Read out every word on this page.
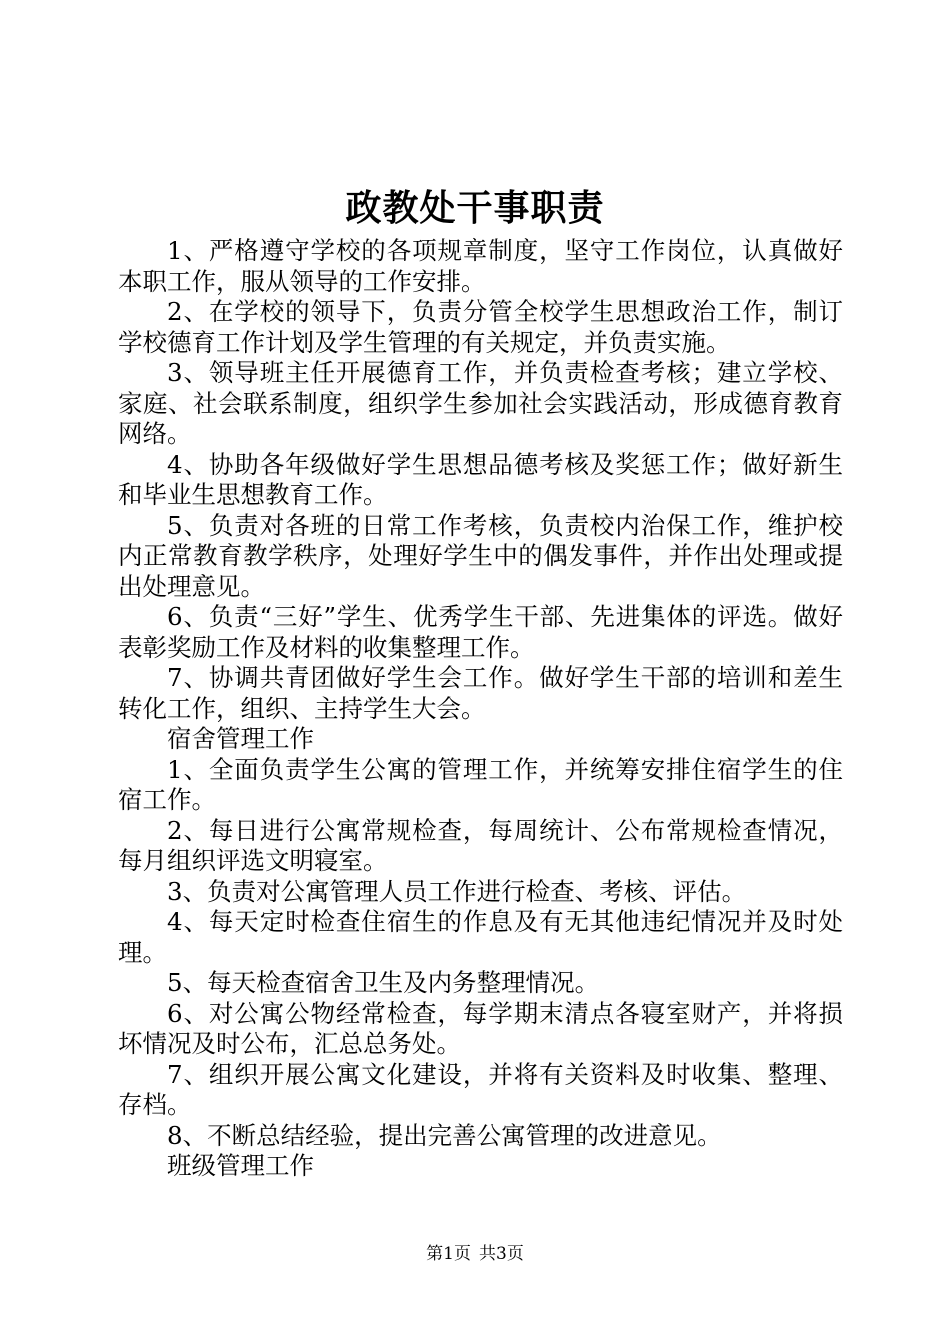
政教处干事职责

1、严格遵守学校的各项规章制度，坚守工作岗位，认真做好本职工作，服从领导的工作安排。

2、在学校的领导下，负责分管全校学生思想政治工作，制订学校德育工作计划及学生管理的有关规定，并负责实施。

3、领导班主任开展德育工作，并负责检查考核；建立学校、家庭、社会联系制度，组织学生参加社会实践活动，形成德育教育网络。

4、协助各年级做好学生思想品德考核及奖惩工作；做好新生和毕业生思想教育工作。

5、负责对各班的日常工作考核，负责校内治保工作，维护校内正常教育教学秩序，处理好学生中的偶发事件，并作出处理或提出处理意见。

6、负责“三好”学生、优秀学生干部、先进集体的评选。做好表彰奖励工作及材料的收集整理工作。

7、协调共青团做好学生会工作。做好学生干部的培训和差生转化工作，组织、主持学生大会。

宿舍管理工作

1、全面负责学生公寓的管理工作，并统筹安排住宿学生的住宿工作。

2、每日进行公寓常规检查，每周统计、公布常规检查情况，每月组织评选文明寝室。

3、负责对公寓管理人员工作进行检查、考核、评估。

4、每天定时检查住宿生的作息及有无其他违纪情况并及时处理。

5、每天检查宿舍卫生及内务整理情况。

6、对公寓公物经常检查，每学期末清点各寝室财产，并将损坏情况及时公布，汇总总务处。

7、组织开展公寓文化建设，并将有关资料及时收集、整理、存档。

8、不断总结经验，提出完善公寓管理的改进意见。

班级管理工作

第1页 共3页
